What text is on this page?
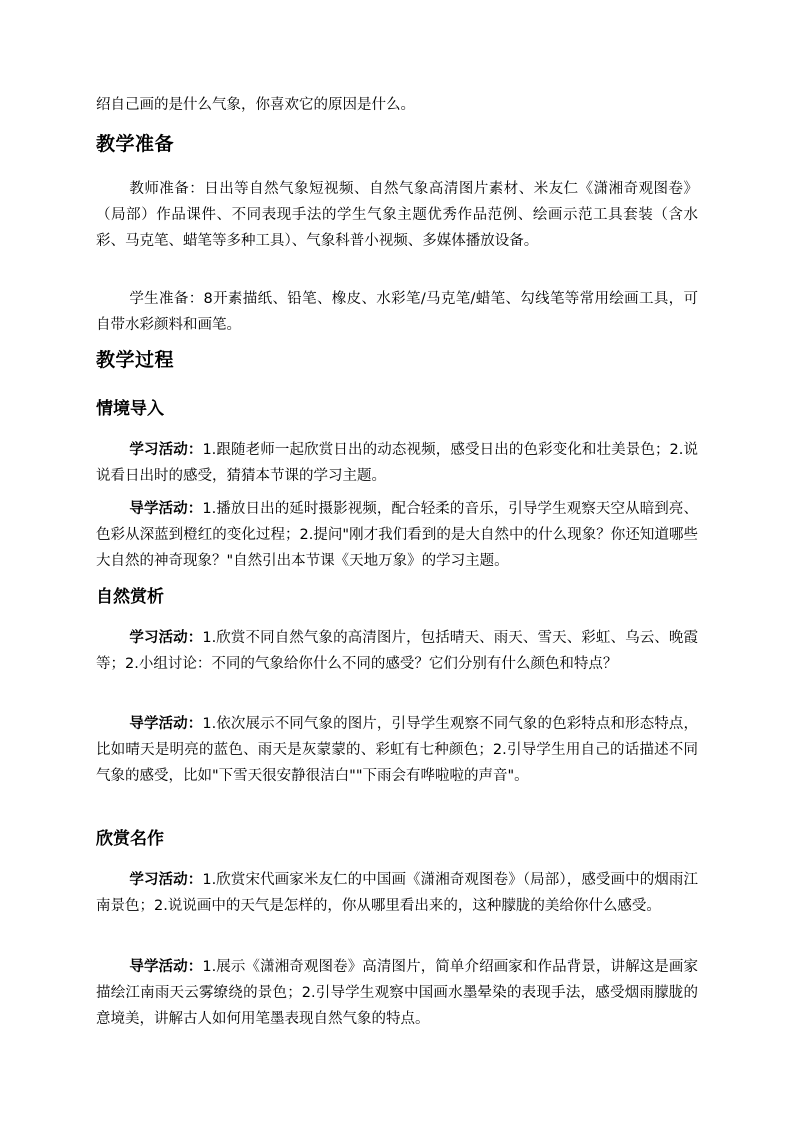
绍自己画的是什么气象，你喜欢它的原因是什么。

教学准备

教师准备：日出等自然气象短视频、自然气象高清图片素材、米友仁《潇湘奇观图卷》（局部）作品课件、不同表现手法的学生气象主题优秀作品范例、绘画示范工具套装（含水彩、马克笔、蜡笔等多种工具）、气象科普小视频、多媒体播放设备。

学生准备：8开素描纸、铅笔、橡皮、水彩笔/马克笔/蜡笔、勾线笔等常用绘画工具，可自带水彩颜料和画笔。

教学过程
情境导入

学习活动：1.跟随老师一起欣赏日出的动态视频，感受日出的色彩变化和壮美景色；2.说说看日出时的感受，猜猜本节课的学习主题。

导学活动：1.播放日出的延时摄影视频，配合轻柔的音乐，引导学生观察天空从暗到亮、色彩从深蓝到橙红的变化过程；2.提问"刚才我们看到的是大自然中的什么现象？你还知道哪些大自然的神奇现象？"自然引出本节课《天地万象》的学习主题。

自然赏析

学习活动：1.欣赏不同自然气象的高清图片，包括晴天、雨天、雪天、彩虹、乌云、晚霞等；2.小组讨论：不同的气象给你什么不同的感受？它们分别有什么颜色和特点？

导学活动：1.依次展示不同气象的图片，引导学生观察不同气象的色彩特点和形态特点，比如晴天是明亮的蓝色、雨天是灰蒙蒙的、彩虹有七种颜色；2.引导学生用自己的话描述不同气象的感受，比如"下雪天很安静很洁白""下雨会有哗啦啦的声音"。

欣赏名作

学习活动：1.欣赏宋代画家米友仁的中国画《潇湘奇观图卷》（局部），感受画中的烟雨江南景色；2.说说画中的天气是怎样的，你从哪里看出来的，这种朦胧的美给你什么感受。

导学活动：1.展示《潇湘奇观图卷》高清图片，简单介绍画家和作品背景，讲解这是画家描绘江南雨天云雾缭绕的景色；2.引导学生观察中国画水墨晕染的表现手法，感受烟雨朦胧的意境美，讲解古人如何用笔墨表现自然气象的特点。
